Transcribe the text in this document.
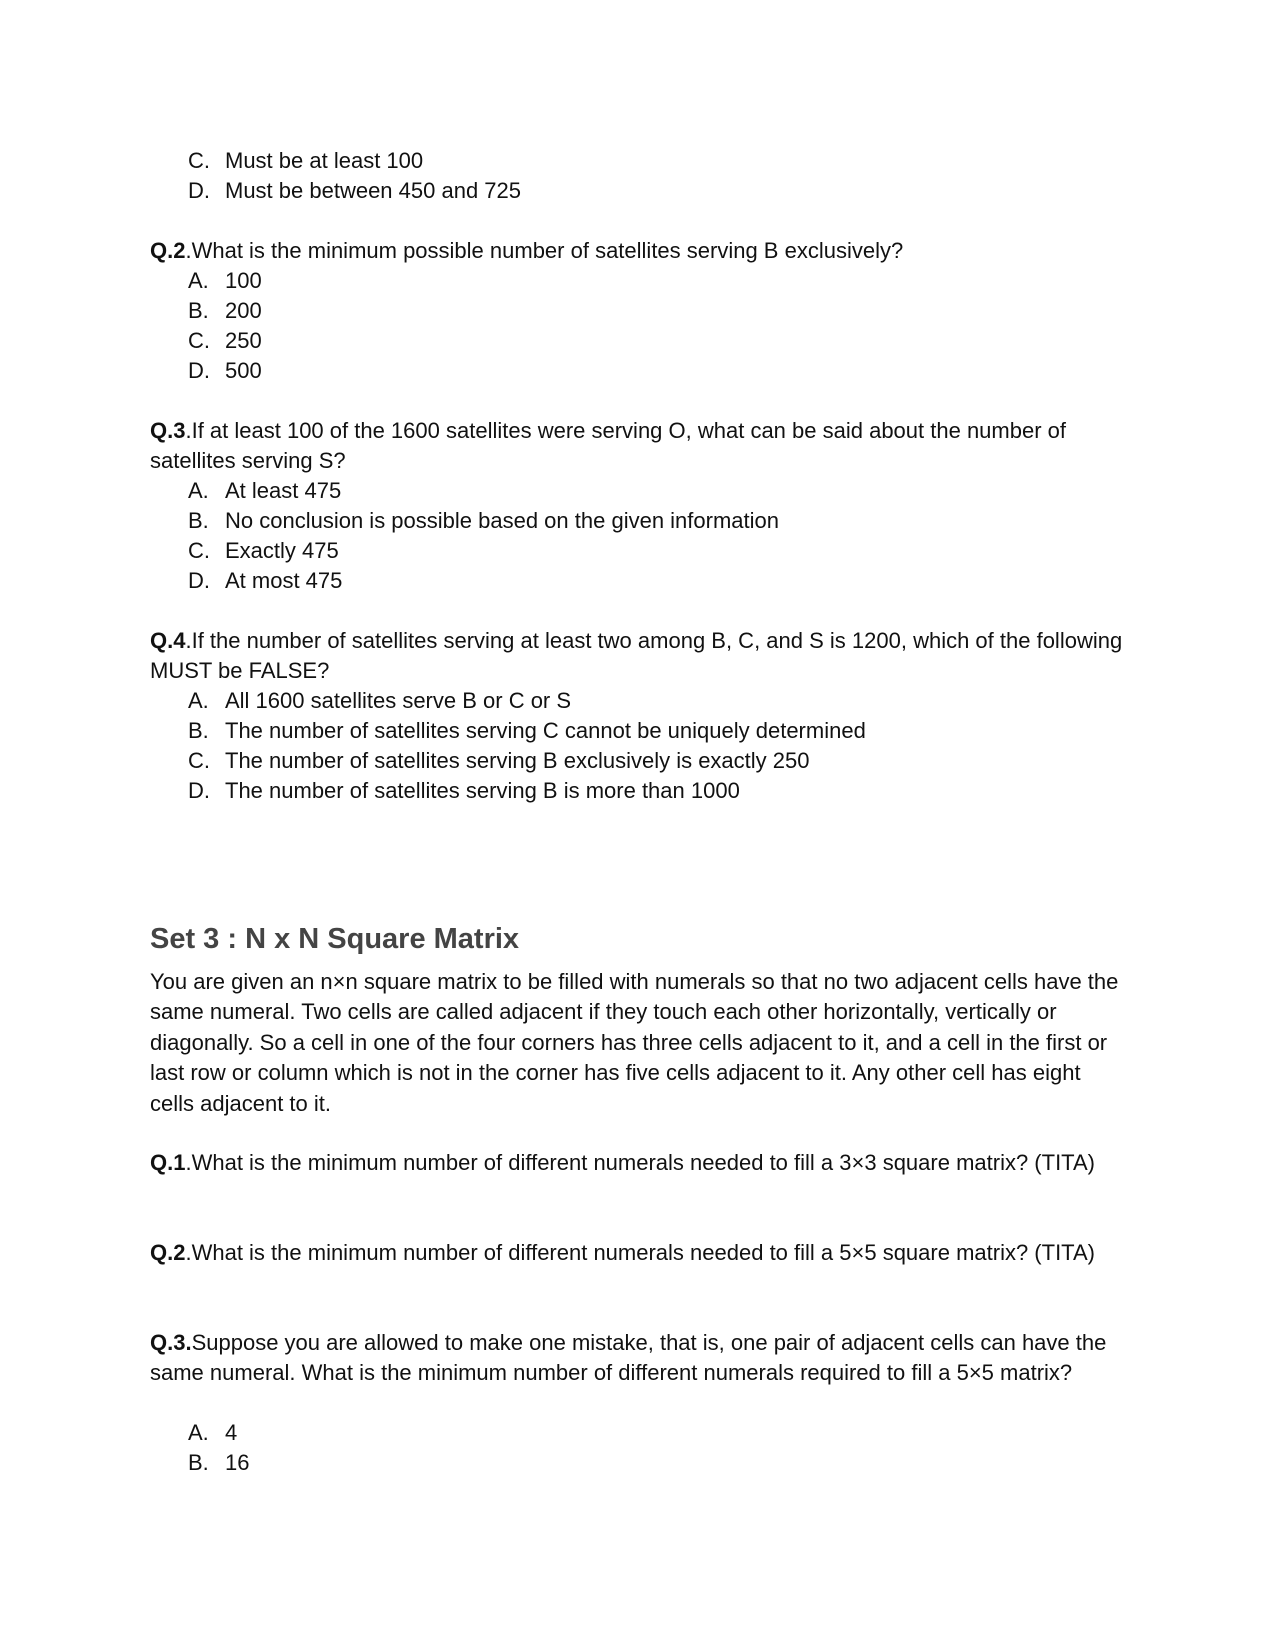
C. Must be at least 100
D. Must be between 450 and 725
Q.2.What is the minimum possible number of satellites serving B exclusively?
A. 100
B. 200
C. 250
D. 500
Q.3.If at least 100 of the 1600 satellites were serving O, what can be said about the number of satellites serving S?
A. At least 475
B. No conclusion is possible based on the given information
C. Exactly 475
D. At most 475
Q.4.If the number of satellites serving at least two among B, C, and S is 1200, which of the following MUST be FALSE?
A. All 1600 satellites serve B or C or S
B. The number of satellites serving C cannot be uniquely determined
C. The number of satellites serving B exclusively is exactly 250
D. The number of satellites serving B is more than 1000
Set 3 : N x N Square Matrix
You are given an n×n square matrix to be filled with numerals so that no two adjacent cells have the same numeral. Two cells are called adjacent if they touch each other horizontally, vertically or diagonally. So a cell in one of the four corners has three cells adjacent to it, and a cell in the first or last row or column which is not in the corner has five cells adjacent to it. Any other cell has eight cells adjacent to it.
Q.1.What is the minimum number of different numerals needed to fill a 3×3 square matrix? (TITA)
Q.2.What is the minimum number of different numerals needed to fill a 5×5 square matrix? (TITA)
Q.3.Suppose you are allowed to make one mistake, that is, one pair of adjacent cells can have the same numeral. What is the minimum number of different numerals required to fill a 5×5 matrix?
A. 4
B. 16
